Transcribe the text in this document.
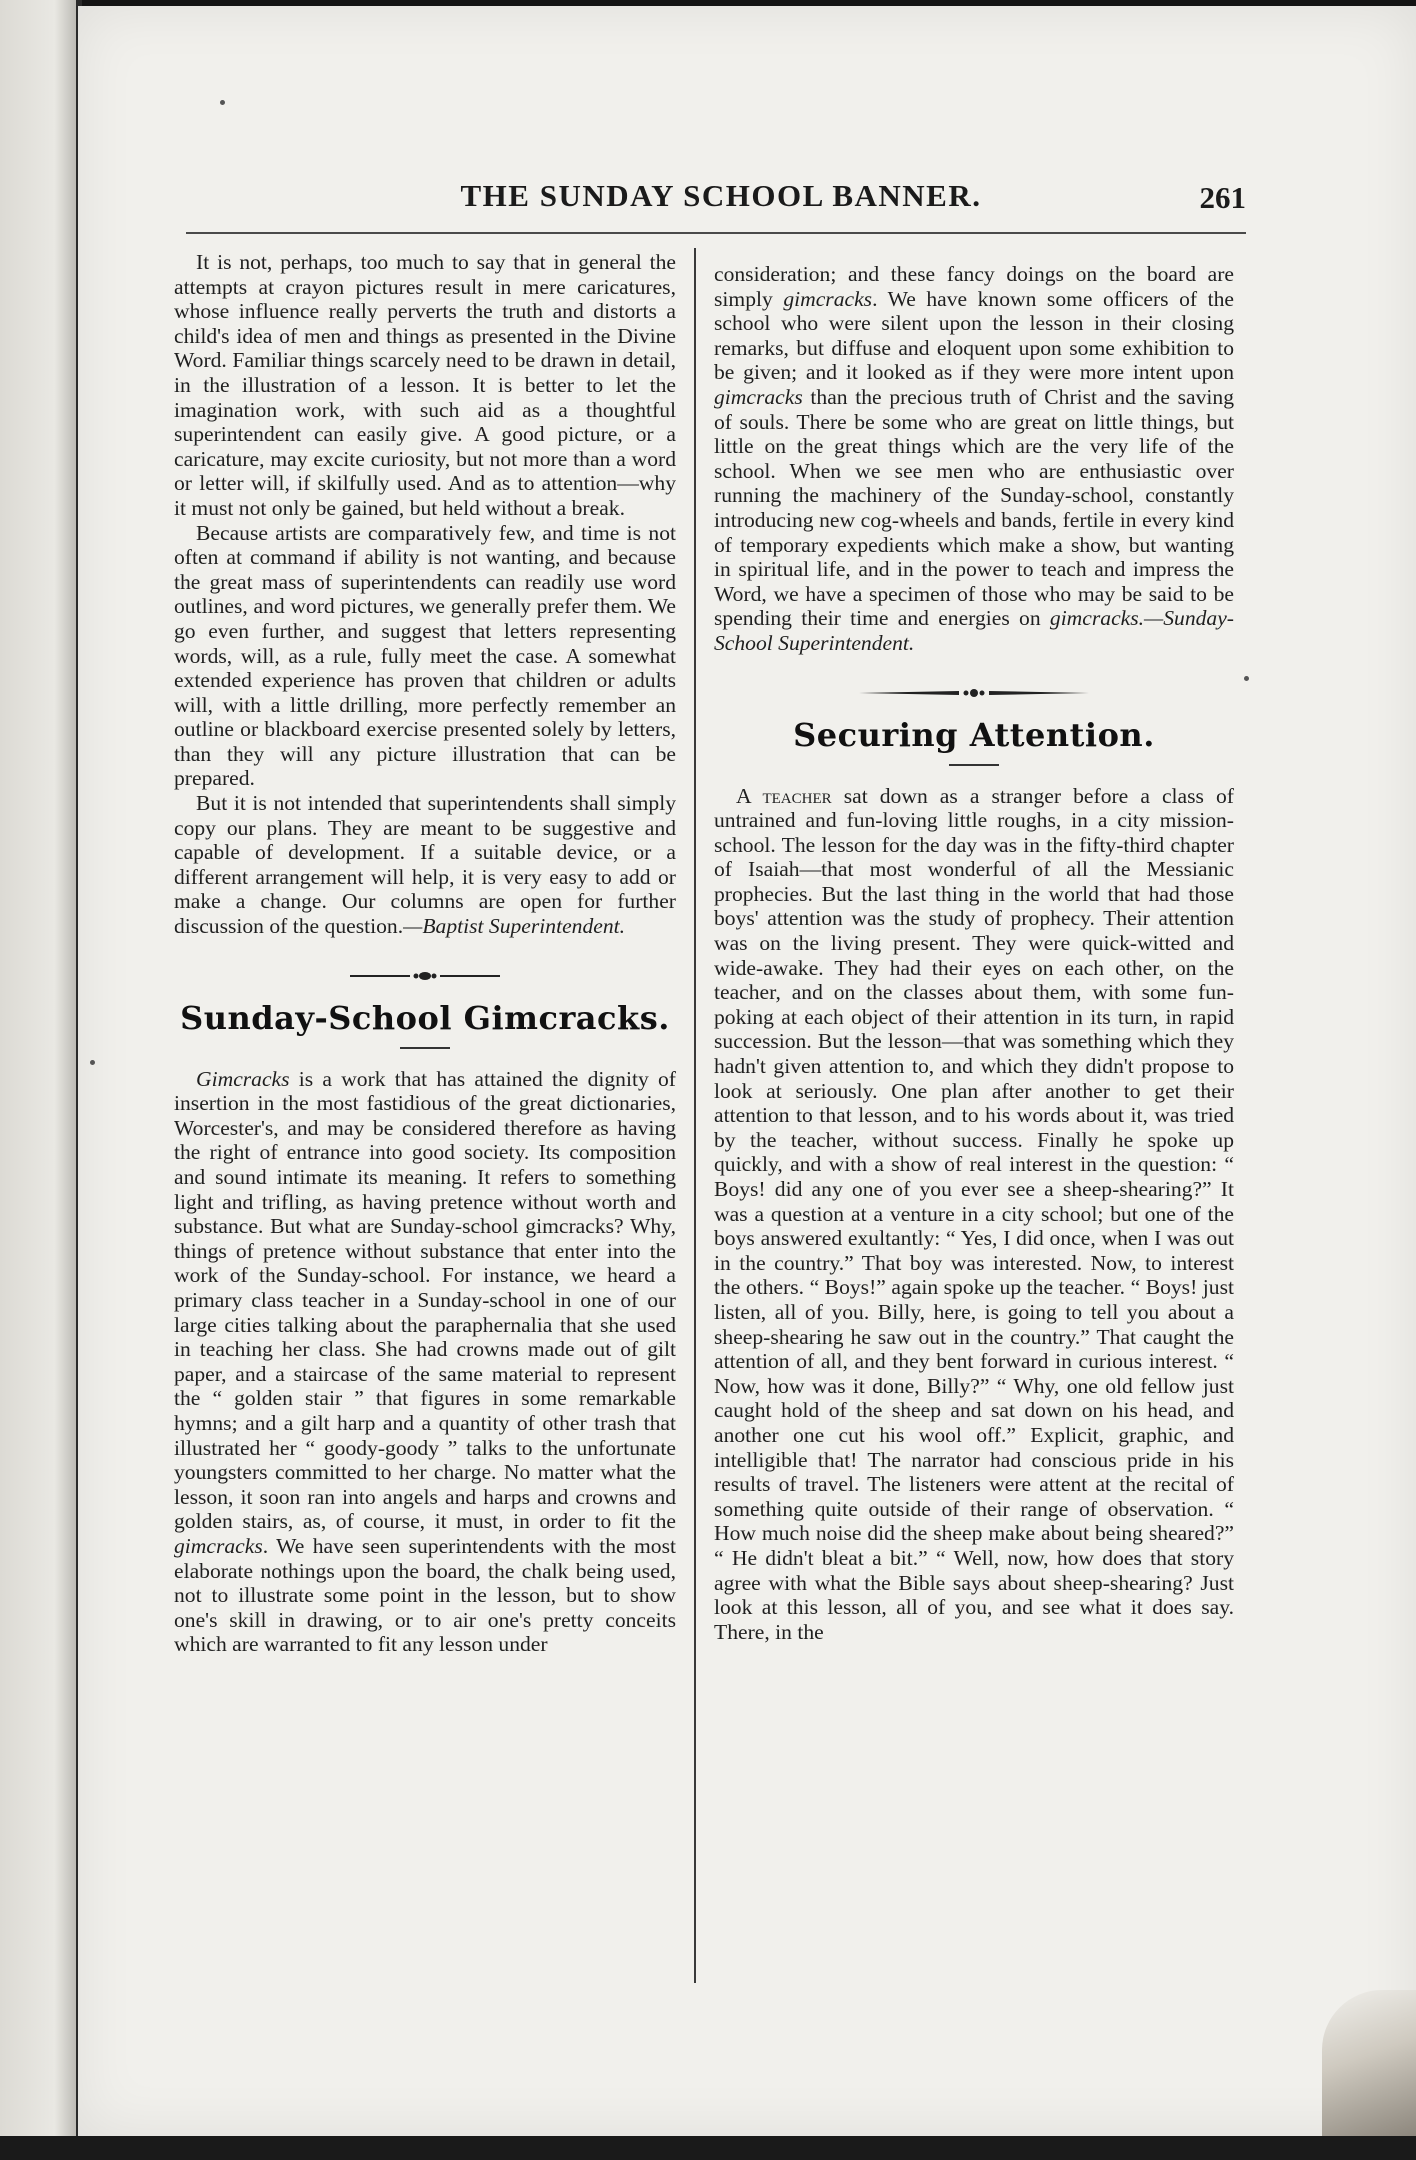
THE SUNDAY SCHOOL BANNER.	261

It is not, perhaps, too much to say that in general the attempts at crayon pictures result in mere caricatures, whose influence really perverts the truth and distorts a child's idea of men and things as presented in the Divine Word. Familiar things scarcely need to be drawn in detail, in the illustration of a lesson. It is better to let the imagination work, with such aid as a thoughtful superintendent can easily give. A good picture, or a caricature, may excite curiosity, but not more than a word or letter will, if skilfully used. And as to attention—why it must not only be gained, but held without a break.

Because artists are comparatively few, and time is not often at command if ability is not wanting, and because the great mass of superintendents can readily use word outlines, and word pictures, we generally prefer them. We go even further, and suggest that letters representing words, will, as a rule, fully meet the case. A somewhat extended experience has proven that children or adults will, with a little drilling, more perfectly remember an outline or blackboard exercise presented solely by letters, than they will any picture illustration that can be prepared.

But it is not intended that superintendents shall simply copy our plans. They are meant to be suggestive and capable of development. If a suitable device, or a different arrangement will help, it is very easy to add or make a change. Our columns are open for further discussion of the question.—Baptist Superintendent.

Sunday-School Gimcracks.

Gimcracks is a work that has attained the dignity of insertion in the most fastidious of the great dictionaries, Worcester's, and may be considered therefore as having the right of entrance into good society. Its composition and sound intimate its meaning. It refers to something light and trifling, as having pretence without worth and substance. But what are Sunday-school gimcracks? Why, things of pretence without substance that enter into the work of the Sunday-school. For instance, we heard a primary class teacher in a Sunday-school in one of our large cities talking about the paraphernalia that she used in teaching her class. She had crowns made out of gilt paper, and a staircase of the same material to represent the “ golden stair ” that figures in some remarkable hymns; and a gilt harp and a quantity of other trash that illustrated her “ goody-goody ” talks to the unfortunate youngsters committed to her charge. No matter what the lesson, it soon ran into angels and harps and crowns and golden stairs, as, of course, it must, in order to fit the gimcracks. We have seen superintendents with the most elaborate nothings upon the board, the chalk being used, not to illustrate some point in the lesson, but to show one's skill in drawing, or to air one's pretty conceits which are warranted to fit any lesson under

consideration; and these fancy doings on the board are simply gimcracks. We have known some officers of the school who were silent upon the lesson in their closing remarks, but diffuse and eloquent upon some exhibition to be given; and it looked as if they were more intent upon gimcracks than the precious truth of Christ and the saving of souls. There be some who are great on little things, but little on the great things which are the very life of the school. When we see men who are enthusiastic over running the machinery of the Sunday-school, constantly introducing new cog-wheels and bands, fertile in every kind of temporary expedients which make a show, but wanting in spiritual life, and in the power to teach and impress the Word, we have a specimen of those who may be said to be spending their time and energies on gimcracks.—Sunday-School Superintendent.

Securing Attention.

A teacher sat down as a stranger before a class of untrained and fun-loving little roughs, in a city mission-school. The lesson for the day was in the fifty-third chapter of Isaiah—that most wonderful of all the Messianic prophecies. But the last thing in the world that had those boys' attention was the study of prophecy. Their attention was on the living present. They were quick-witted and wide-awake. They had their eyes on each other, on the teacher, and on the classes about them, with some fun-poking at each object of their attention in its turn, in rapid succession. But the lesson—that was something which they hadn't given attention to, and which they didn't propose to look at seriously. One plan after another to get their attention to that lesson, and to his words about it, was tried by the teacher, without success. Finally he spoke up quickly, and with a show of real interest in the question: “ Boys! did any one of you ever see a sheep-shearing?” It was a question at a venture in a city school; but one of the boys answered exultantly: “ Yes, I did once, when I was out in the country.” That boy was interested. Now, to interest the others. “ Boys!” again spoke up the teacher. “ Boys! just listen, all of you. Billy, here, is going to tell you about a sheep-shearing he saw out in the country.” That caught the attention of all, and they bent forward in curious interest. “ Now, how was it done, Billy?” “ Why, one old fellow just caught hold of the sheep and sat down on his head, and another one cut his wool off.” Explicit, graphic, and intelligible that! The narrator had conscious pride in his results of travel. The listeners were attent at the recital of something quite outside of their range of observation. “ How much noise did the sheep make about being sheared?” “ He didn't bleat a bit.” “ Well, now, how does that story agree with what the Bible says about sheep-shearing? Just look at this lesson, all of you, and see what it does say. There, in the
